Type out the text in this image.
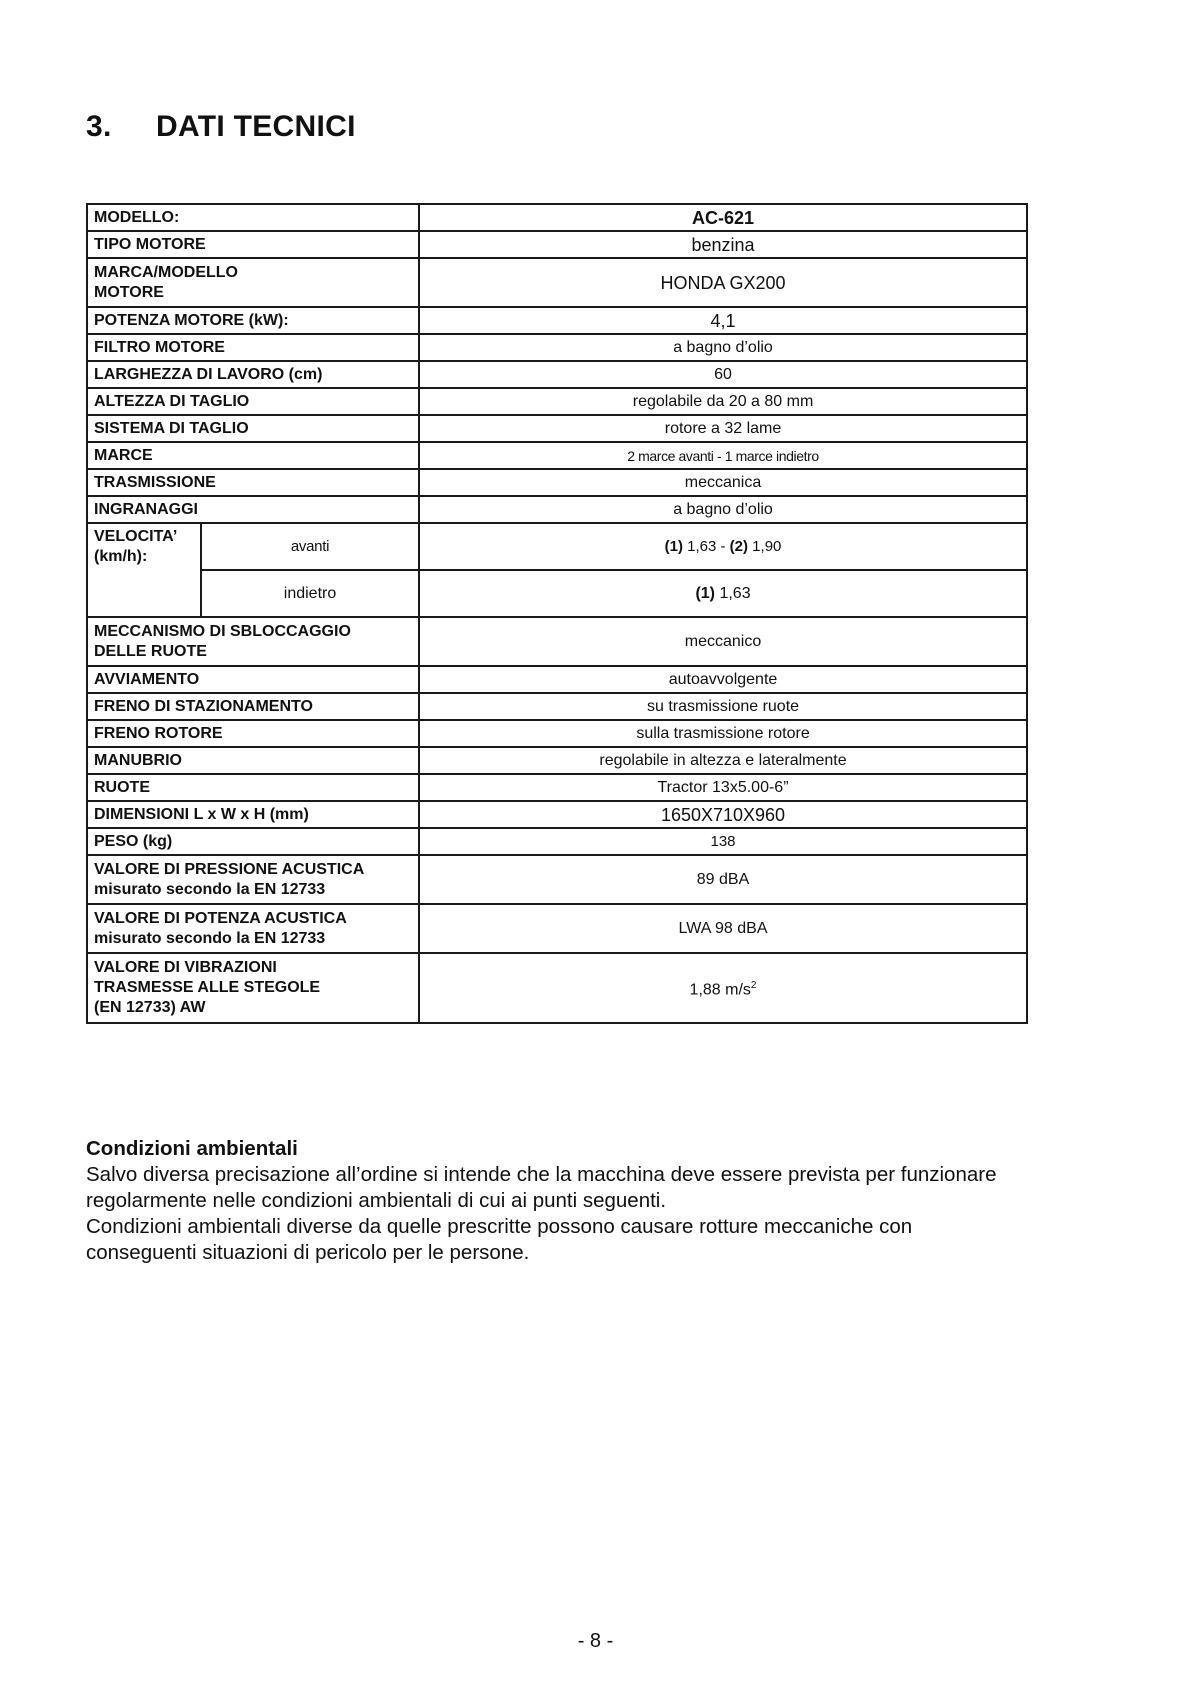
3. DATI TECNICI
MODELLO:		AC-621
TIPO MOTORE		benzina

MARCA/MODELLO
MOTORE		HONDA GX200
POTENZA MOTORE (kW):		4,1
FILTRO MOTORE		a bagno d’olio
LARGHEZZA DI LAVORO (cm)		60
ALTEZZA DI TAGLIO		regolabile da 20 a 80 mm
SISTEMA DI TAGLIO		rotore a 32 lame
MARCE		2 marce avanti - 1 marce indietro
TRASMISSIONE		meccanica
INGRANAGGI		a bagno d’olio

VELOCITA’
(km/h):	avanti	(1) 1,63 - (2) 1,90
	indietro	(1) 1,63

MECCANISMO DI SBLOCCAGGIO
DELLE RUOTE		meccanico
AVVIAMENTO		autoavvolgente
FRENO DI STAZIONAMENTO		su trasmissione ruote
FRENO ROTORE		sulla trasmissione rotore
MANUBRIO		regolabile in altezza e lateralmente
RUOTE		Tractor 13x5.00-6”
DIMENSIONI L x W x H (mm)		1650X710X960
PESO (kg)		138

VALORE DI PRESSIONE ACUSTICA
misurato secondo la EN 12733		89 dBA

VALORE DI POTENZA ACUSTICA
misurato secondo la EN 12733		LWA 98 dBA

VALORE DI VIBRAZIONI
TRASMESSE ALLE STEGOLE
(EN 12733) AW		1,88 $m/s^2$

Condizioni ambientali

Salvo diversa precisazione all’ordine si intende che la macchina deve essere prevista per funzionare regolarmente nelle condizioni ambientali di cui ai punti seguenti.

Condizioni ambientali diverse da quelle prescritte possono causare rotture meccaniche con conseguenti situazioni di pericolo per le persone.

- 8 -
